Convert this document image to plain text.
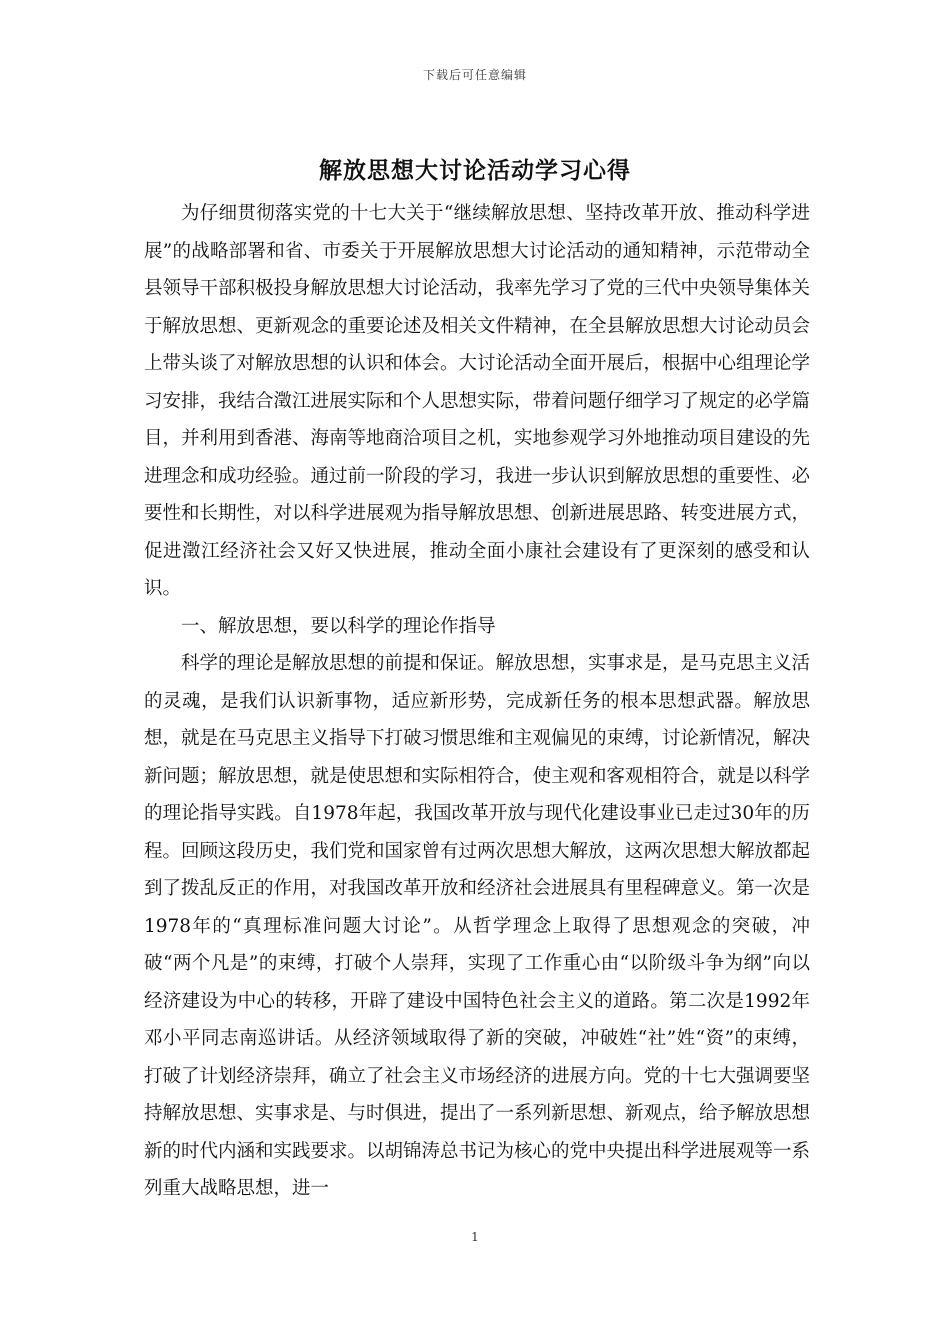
下载后可任意编辑
解放思想大讨论活动学习心得

为仔细贯彻落实党的十七大关于“继续解放思想、坚持改革开放、推动科学进展”的战略部署和省、市委关于开展解放思想大讨论活动的通知精神，示范带动全县领导干部积极投身解放思想大讨论活动，我率先学习了党的三代中央领导集体关于解放思想、更新观念的重要论述及相关文件精神，在全县解放思想大讨论动员会上带头谈了对解放思想的认识和体会。大讨论活动全面开展后，根据中心组理论学习安排，我结合澂江进展实际和个人思想实际，带着问题仔细学习了规定的必学篇目，并利用到香港、海南等地商洽项目之机，实地参观学习外地推动项目建设的先进理念和成功经验。通过前一阶段的学习，我进一步认识到解放思想的重要性、必要性和长期性，对以科学进展观为指导解放思想、创新进展思路、转变进展方式，促进澂江经济社会又好又快进展，推动全面小康社会建设有了更深刻的感受和认识。

一、解放思想，要以科学的理论作指导

科学的理论是解放思想的前提和保证。解放思想，实事求是，是马克思主义活的灵魂，是我们认识新事物，适应新形势，完成新任务的根本思想武器。解放思想，就是在马克思主义指导下打破习惯思维和主观偏见的束缚，讨论新情况，解决新问题；解放思想，就是使思想和实际相符合，使主观和客观相符合，就是以科学的理论指导实践。自1978年起，我国改革开放与现代化建设事业已走过30年的历程。回顾这段历史，我们党和国家曾有过两次思想大解放，这两次思想大解放都起到了拨乱反正的作用，对我国改革开放和经济社会进展具有里程碑意义。第一次是1978年的“真理标准问题大讨论”。从哲学理念上取得了思想观念的突破，冲破“两个凡是”的束缚，打破个人崇拜，实现了工作重心由“以阶级斗争为纲”向以经济建设为中心的转移，开辟了建设中国特色社会主义的道路。第二次是1992年邓小平同志南巡讲话。从经济领域取得了新的突破，冲破姓“社”姓“资”的束缚，打破了计划经济崇拜，确立了社会主义市场经济的进展方向。党的十七大强调要坚持解放思想、实事求是、与时俱进，提出了一系列新思想、新观点，给予解放思想新的时代内涵和实践要求。以胡锦涛总书记为核心的党中央提出科学进展观等一系列重大战略思想，进一

1
